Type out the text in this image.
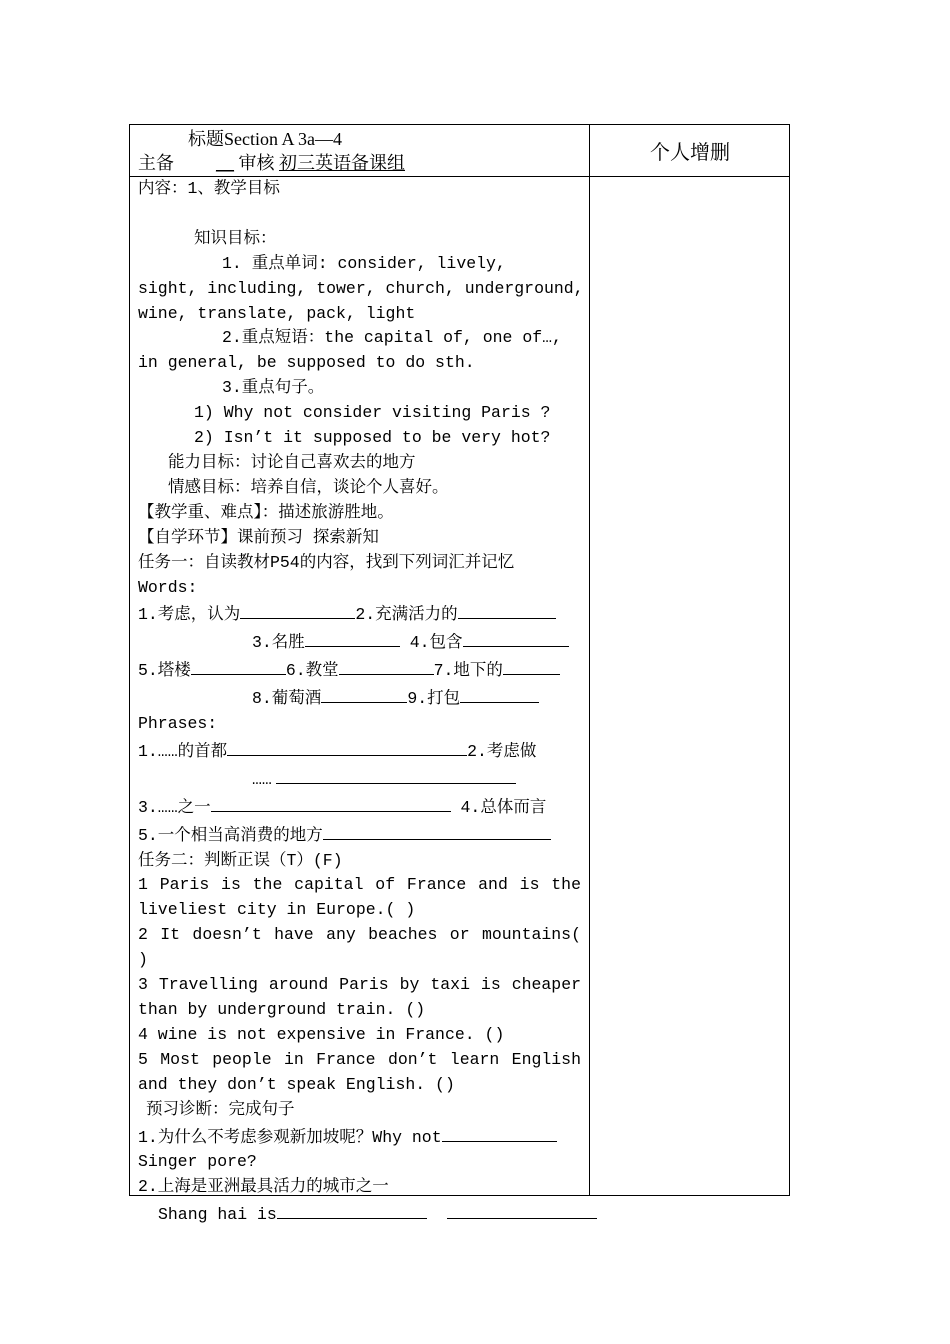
标题Section A 3a—4
主备 __ 审核 初三英语备课组	个人增删

内容：1、教学目标

知识目标：

1. 重点单词: consider, lively,

sight, including, tower, church, underground,

wine, translate, pack, light

2.重点短语：the capital of, one of…,

in general, be supposed to do sth.

3.重点句子。

1) Why not consider visiting Paris ?

2) Isn’t it supposed to be very hot?

能力目标：讨论自己喜欢去的地方

情感目标：培养自信，谈论个人喜好。

【教学重、难点】：描述旅游胜地。

【自学环节】课前预习 探索新知

任务一：自读教材P54的内容，找到下列词汇并记忆

Words:

1.考虑，认为	2.充满活力的

3.名胜	4.包含

5.塔楼	6.教堂	7.地下的

8.葡萄酒	9.打包

Phrases:

1.……的首都	2.考虑做

……

3.……之一	4.总体而言

5.一个相当高消费的地方

任务二：判断正误（T）(F)

1 Paris is the capital of France and is the liveliest city in Europe.( )

2 It doesn’t have any beaches or mountains( )

3 Travelling around Paris by taxi is cheaper than by underground train. ()

4 wine is not expensive in France. ()

5 Most people in France don’t learn English and they don’t speak English. ()

预习诊断：完成句子

1.为什么不考虑参观新加坡呢？Why not

Singer pore?

2.上海是亚洲最具活力的城市之一

Shang hai is
